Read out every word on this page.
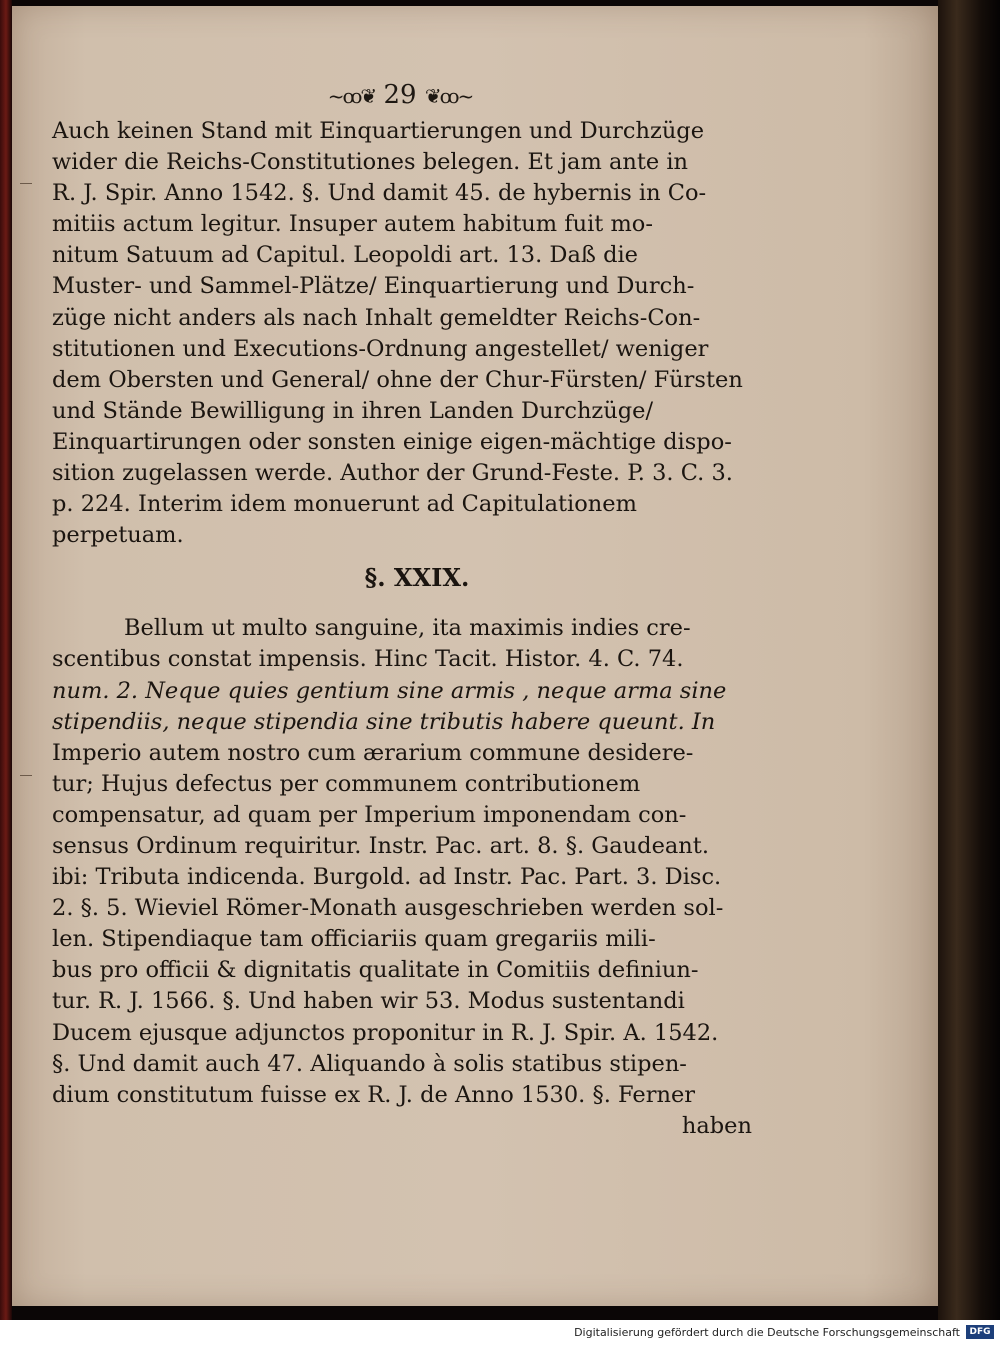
~ꝏ❦ 29 ❦ꝏ~
Auch keinen Stand mit Einquartierungen und Durchzüge
wider die Reichs-Constitutiones belegen. Et jam ante in
R. J. Spir. Anno 1542. §. Und damit 45. de hybernis in Co-
mitiis actum legitur. Insuper autem habitum fuit mo-
nitum Satuum ad Capitul. Leopoldi art. 13. Daß die
Muster- und Sammel-Plätze/ Einquartierung und Durch-
züge nicht anders als nach Inhalt gemeldter Reichs-Con-
stitutionen und Executions-Ordnung angestellet/ weniger
dem Obersten und General/ ohne der Chur-Fürsten/ Fürsten
und Stände Bewilligung in ihren Landen Durchzüge/
Einquartirungen oder sonsten einige eigen-mächtige dispo-
sition zugelassen werde. Author der Grund-Feste. P. 3. C. 3.
p. 224. Interim idem monuerunt ad Capitulationem
perpetuam.
§. XXIX.
Bellum ut multo sanguine, ita maximis indies cre-
scentibus constat impensis. Hinc Tacit. Histor. 4. C. 74.
num. 2. Neque quies gentium sine armis , neque arma sine
stipendiis, neque stipendia sine tributis habere queunt. In
Imperio autem nostro cum ærarium commune desidere-
tur; Hujus defectus per communem contributionem
compensatur, ad quam per Imperium imponendam con-
sensus Ordinum requiritur. Instr. Pac. art. 8. §. Gaudeant.
ibi: Tributa indicenda. Burgold. ad Instr. Pac. Part. 3. Disc.
2. §. 5. Wieviel Römer-Monath ausgeschrieben werden sol-
len. Stipendiaque tam officiariis quam gregariis mili-
bus pro officii & dignitatis qualitate in Comitiis definiun-
tur. R. J. 1566. §. Und haben wir 53. Modus sustentandi
Ducem ejusque adjunctos proponitur in R. J. Spir. A. 1542.
§. Und damit auch 47. Aliquando à solis statibus stipen-
dium constitutum fuisse ex R. J. de Anno 1530. §. Ferner
haben
Digitalisierung gefördert durch die Deutsche Forschungsgemeinschaft	DFG
